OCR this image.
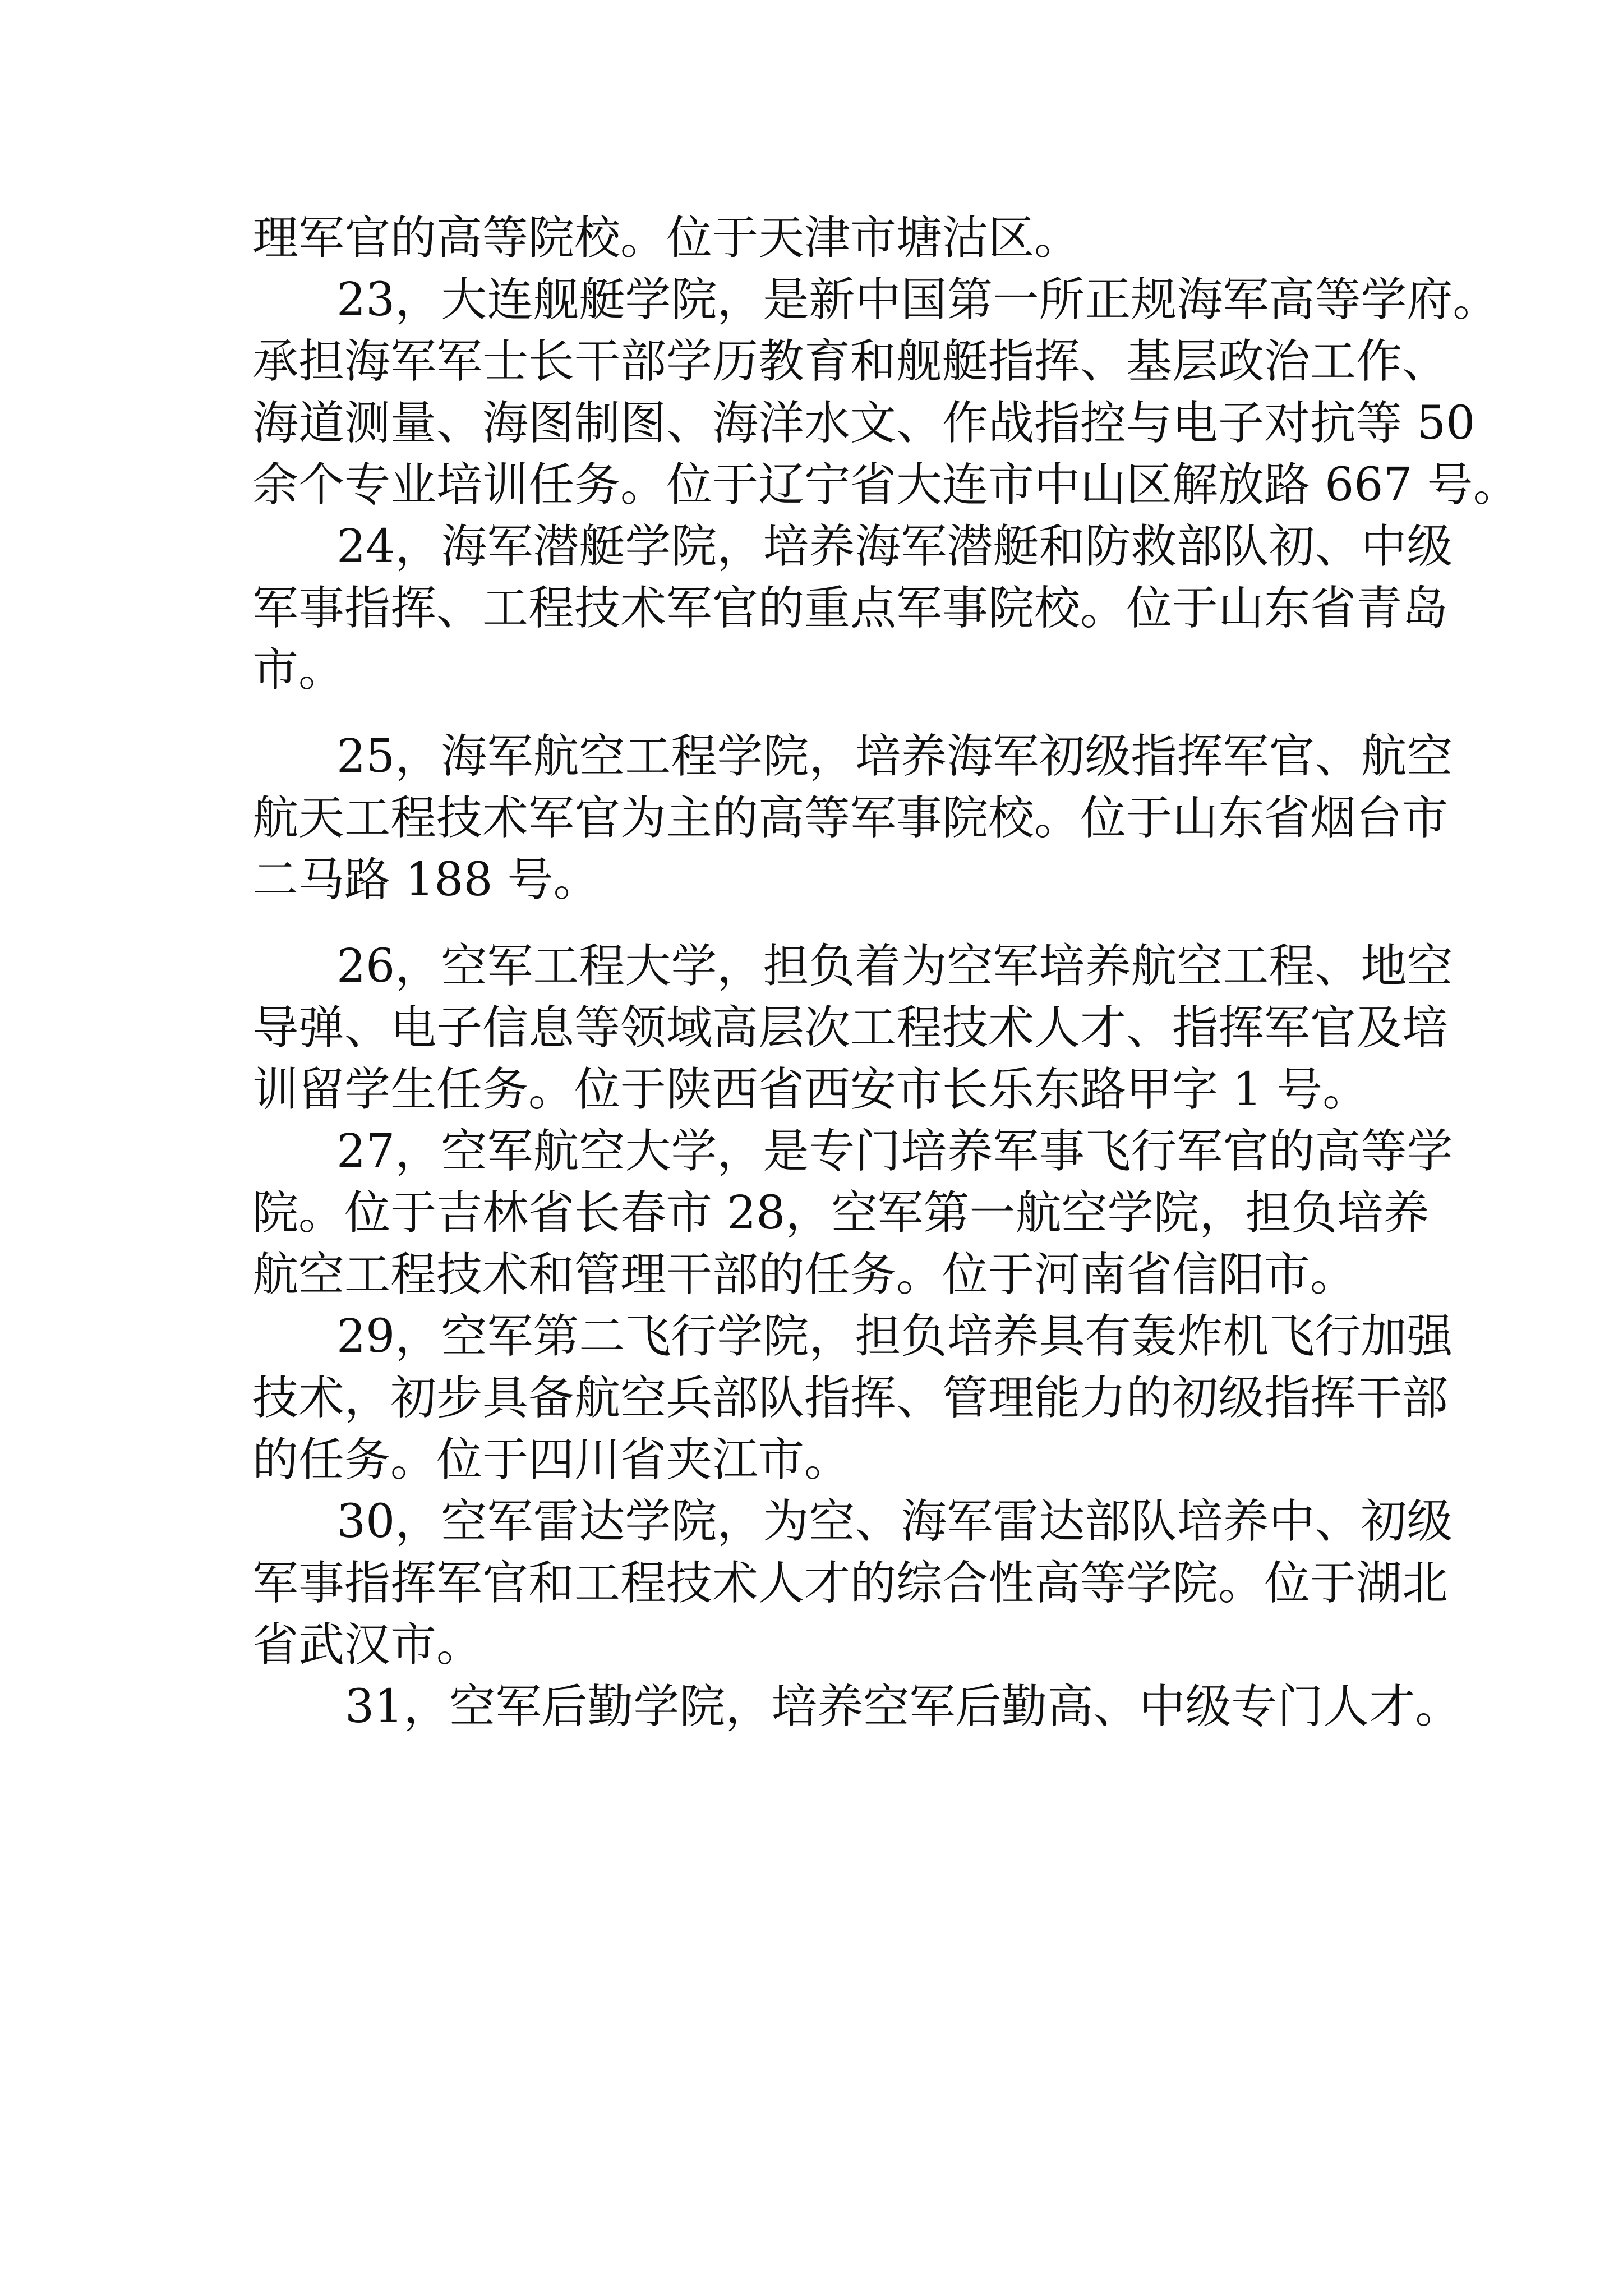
理军官的高等院校。位于天津市塘沽区。
23，大连舰艇学院，是新中国第一所正规海军高等学府。
承担海军军士长干部学历教育和舰艇指挥、基层政治工作、
海道测量、海图制图、海洋水文、作战指控与电子对抗等 50
余个专业培训任务。位于辽宁省大连市中山区解放路 667 号。
24，海军潜艇学院，培养海军潜艇和防救部队初、中级
军事指挥、工程技术军官的重点军事院校。位于山东省青岛
市。
25，海军航空工程学院，培养海军初级指挥军官、航空
航天工程技术军官为主的高等军事院校。位于山东省烟台市
二马路 188 号。
26，空军工程大学，担负着为空军培养航空工程、地空
导弹、电子信息等领域高层次工程技术人才、指挥军官及培
训留学生任务。位于陕西省西安市长乐东路甲字 1 号。
27，空军航空大学，是专门培养军事飞行军官的高等学
院。位于吉林省长春市 28，空军第一航空学院，担负培养
航空工程技术和管理干部的任务。位于河南省信阳市。
29，空军第二飞行学院，担负培养具有轰炸机飞行加强
技术，初步具备航空兵部队指挥、管理能力的初级指挥干部
的任务。位于四川省夹江市。
30，空军雷达学院，为空、海军雷达部队培养中、初级
军事指挥军官和工程技术人才的综合性高等学院。位于湖北
省武汉市。
31，空军后勤学院，培养空军后勤高、中级专门人才。
